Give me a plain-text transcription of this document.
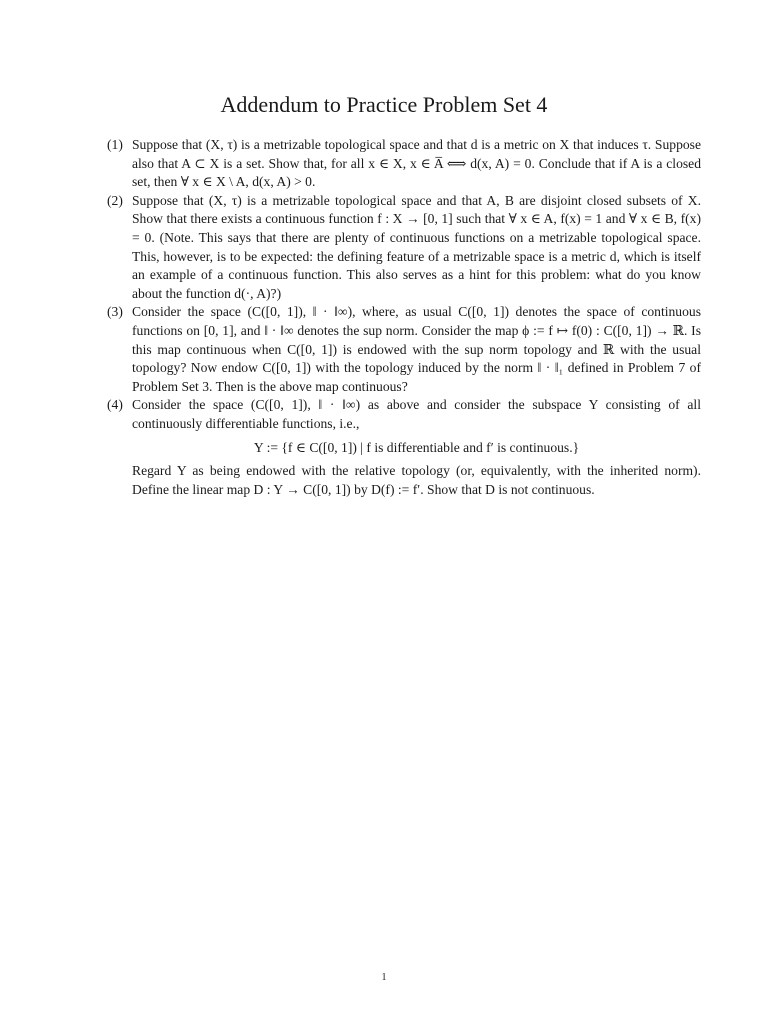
Addendum to Practice Problem Set 4
(1) Suppose that (X, τ) is a metrizable topological space and that d is a metric on X that induces τ. Suppose also that A ⊂ X is a set. Show that, for all x ∈ X, x ∈ A̅ ⟺ d(x, A) = 0. Conclude that if A is a closed set, then ∀ x ∈ X \ A, d(x, A) > 0.

(2) Suppose that (X, τ) is a metrizable topological space and that A, B are disjoint closed subsets of X. Show that there exists a continuous function f : X → [0, 1] such that ∀ x ∈ A, f(x) = 1 and ∀ x ∈ B, f(x) = 0. (Note. This says that there are plenty of continuous functions on a metrizable topological space. This, however, is to be expected: the defining feature of a metrizable space is a metric d, which is itself an example of a continuous function. This also serves as a hint for this problem: what do you know about the function d(·, A)?)

(3) Consider the space (C([0, 1]), ‖ · ‖∞), where, as usual C([0, 1]) denotes the space of continuous functions on [0, 1], and ‖ · ‖∞ denotes the sup norm. Consider the map ϕ := f ↦ f(0) : C([0, 1]) → ℝ. Is this map continuous when C([0, 1]) is endowed with the sup norm topology and ℝ with the usual topology? Now endow C([0, 1]) with the topology induced by the norm ‖ · ‖₁ defined in Problem 7 of Problem Set 3. Then is the above map continuous?

(4) Consider the space (C([0, 1]), ‖ · ‖∞) as above and consider the subspace Y consisting of all continuously differentiable functions, i.e.,

Y := {f ∈ C([0, 1]) | f is differentiable and f′ is continuous.}

Regard Y as being endowed with the relative topology (or, equivalently, with the inherited norm). Define the linear map D : Y → C([0, 1]) by D(f) := f′. Show that D is not continuous.

1
